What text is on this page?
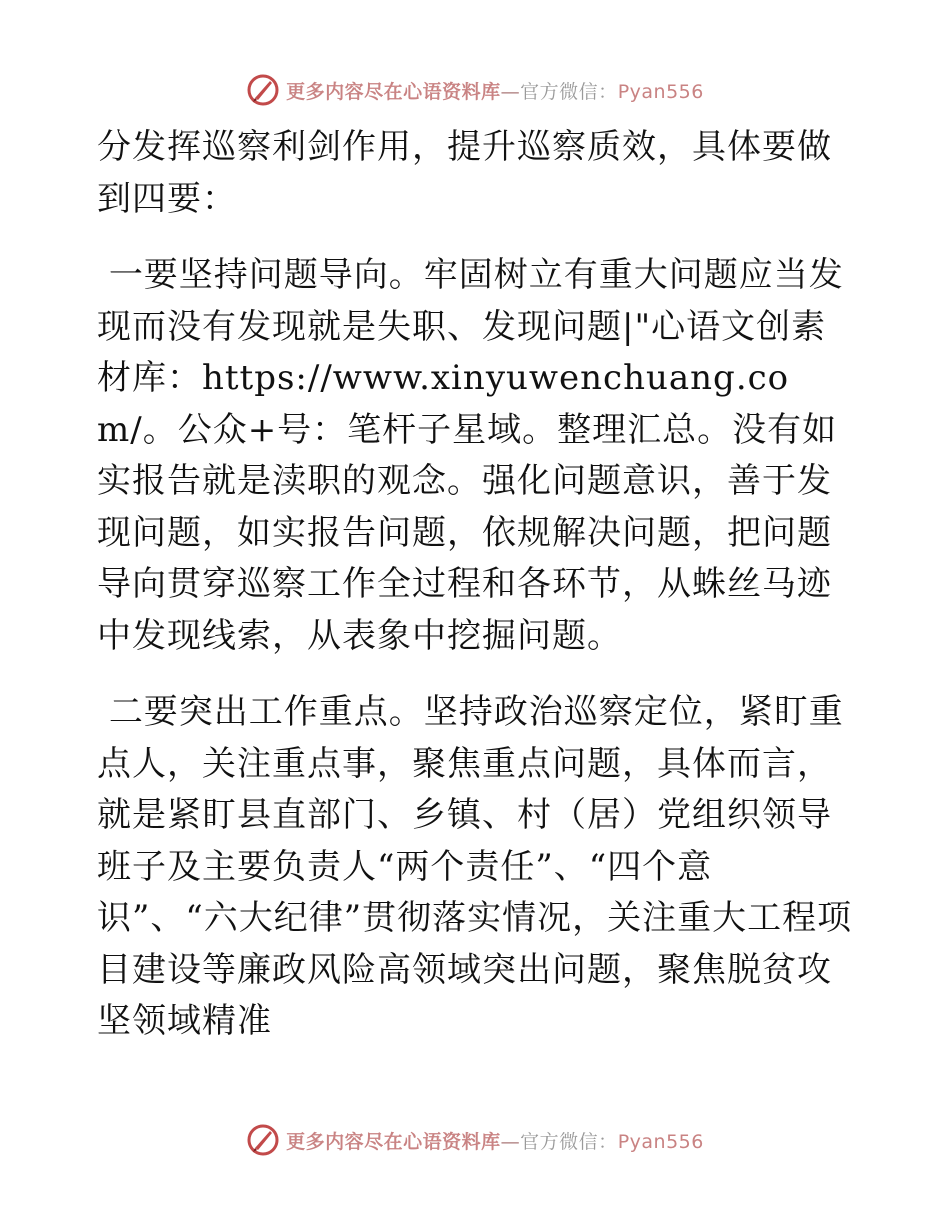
更多内容尽在心语资料库—官方微信：Pyan556

分发挥巡察利剑作用，提升巡察质效，具体要做到四要：

一要坚持问题导向。牢固树立有重大问题应当发现而没有发现就是失职、发现问题|"心语文创素材库：https://www.xinyuwenchuang.com/。公众+号：笔杆子星域。整理汇总。没有如实报告就是渎职的观念。强化问题意识，善于发现问题，如实报告问题，依规解决问题，把问题导向贯穿巡察工作全过程和各环节，从蛛丝马迹中发现线索，从表象中挖掘问题。

二要突出工作重点。坚持政治巡察定位，紧盯重点人，关注重点事，聚焦重点问题，具体而言，就是紧盯县直部门、乡镇、村（居）党组织领导班子及主要负责人“两个责任”、“四个意识”、“六大纪律”贯彻落实情况，关注重大工程项目建设等廉政风险高领域突出问题，聚焦脱贫攻坚领域精准

更多内容尽在心语资料库—官方微信：Pyan556
